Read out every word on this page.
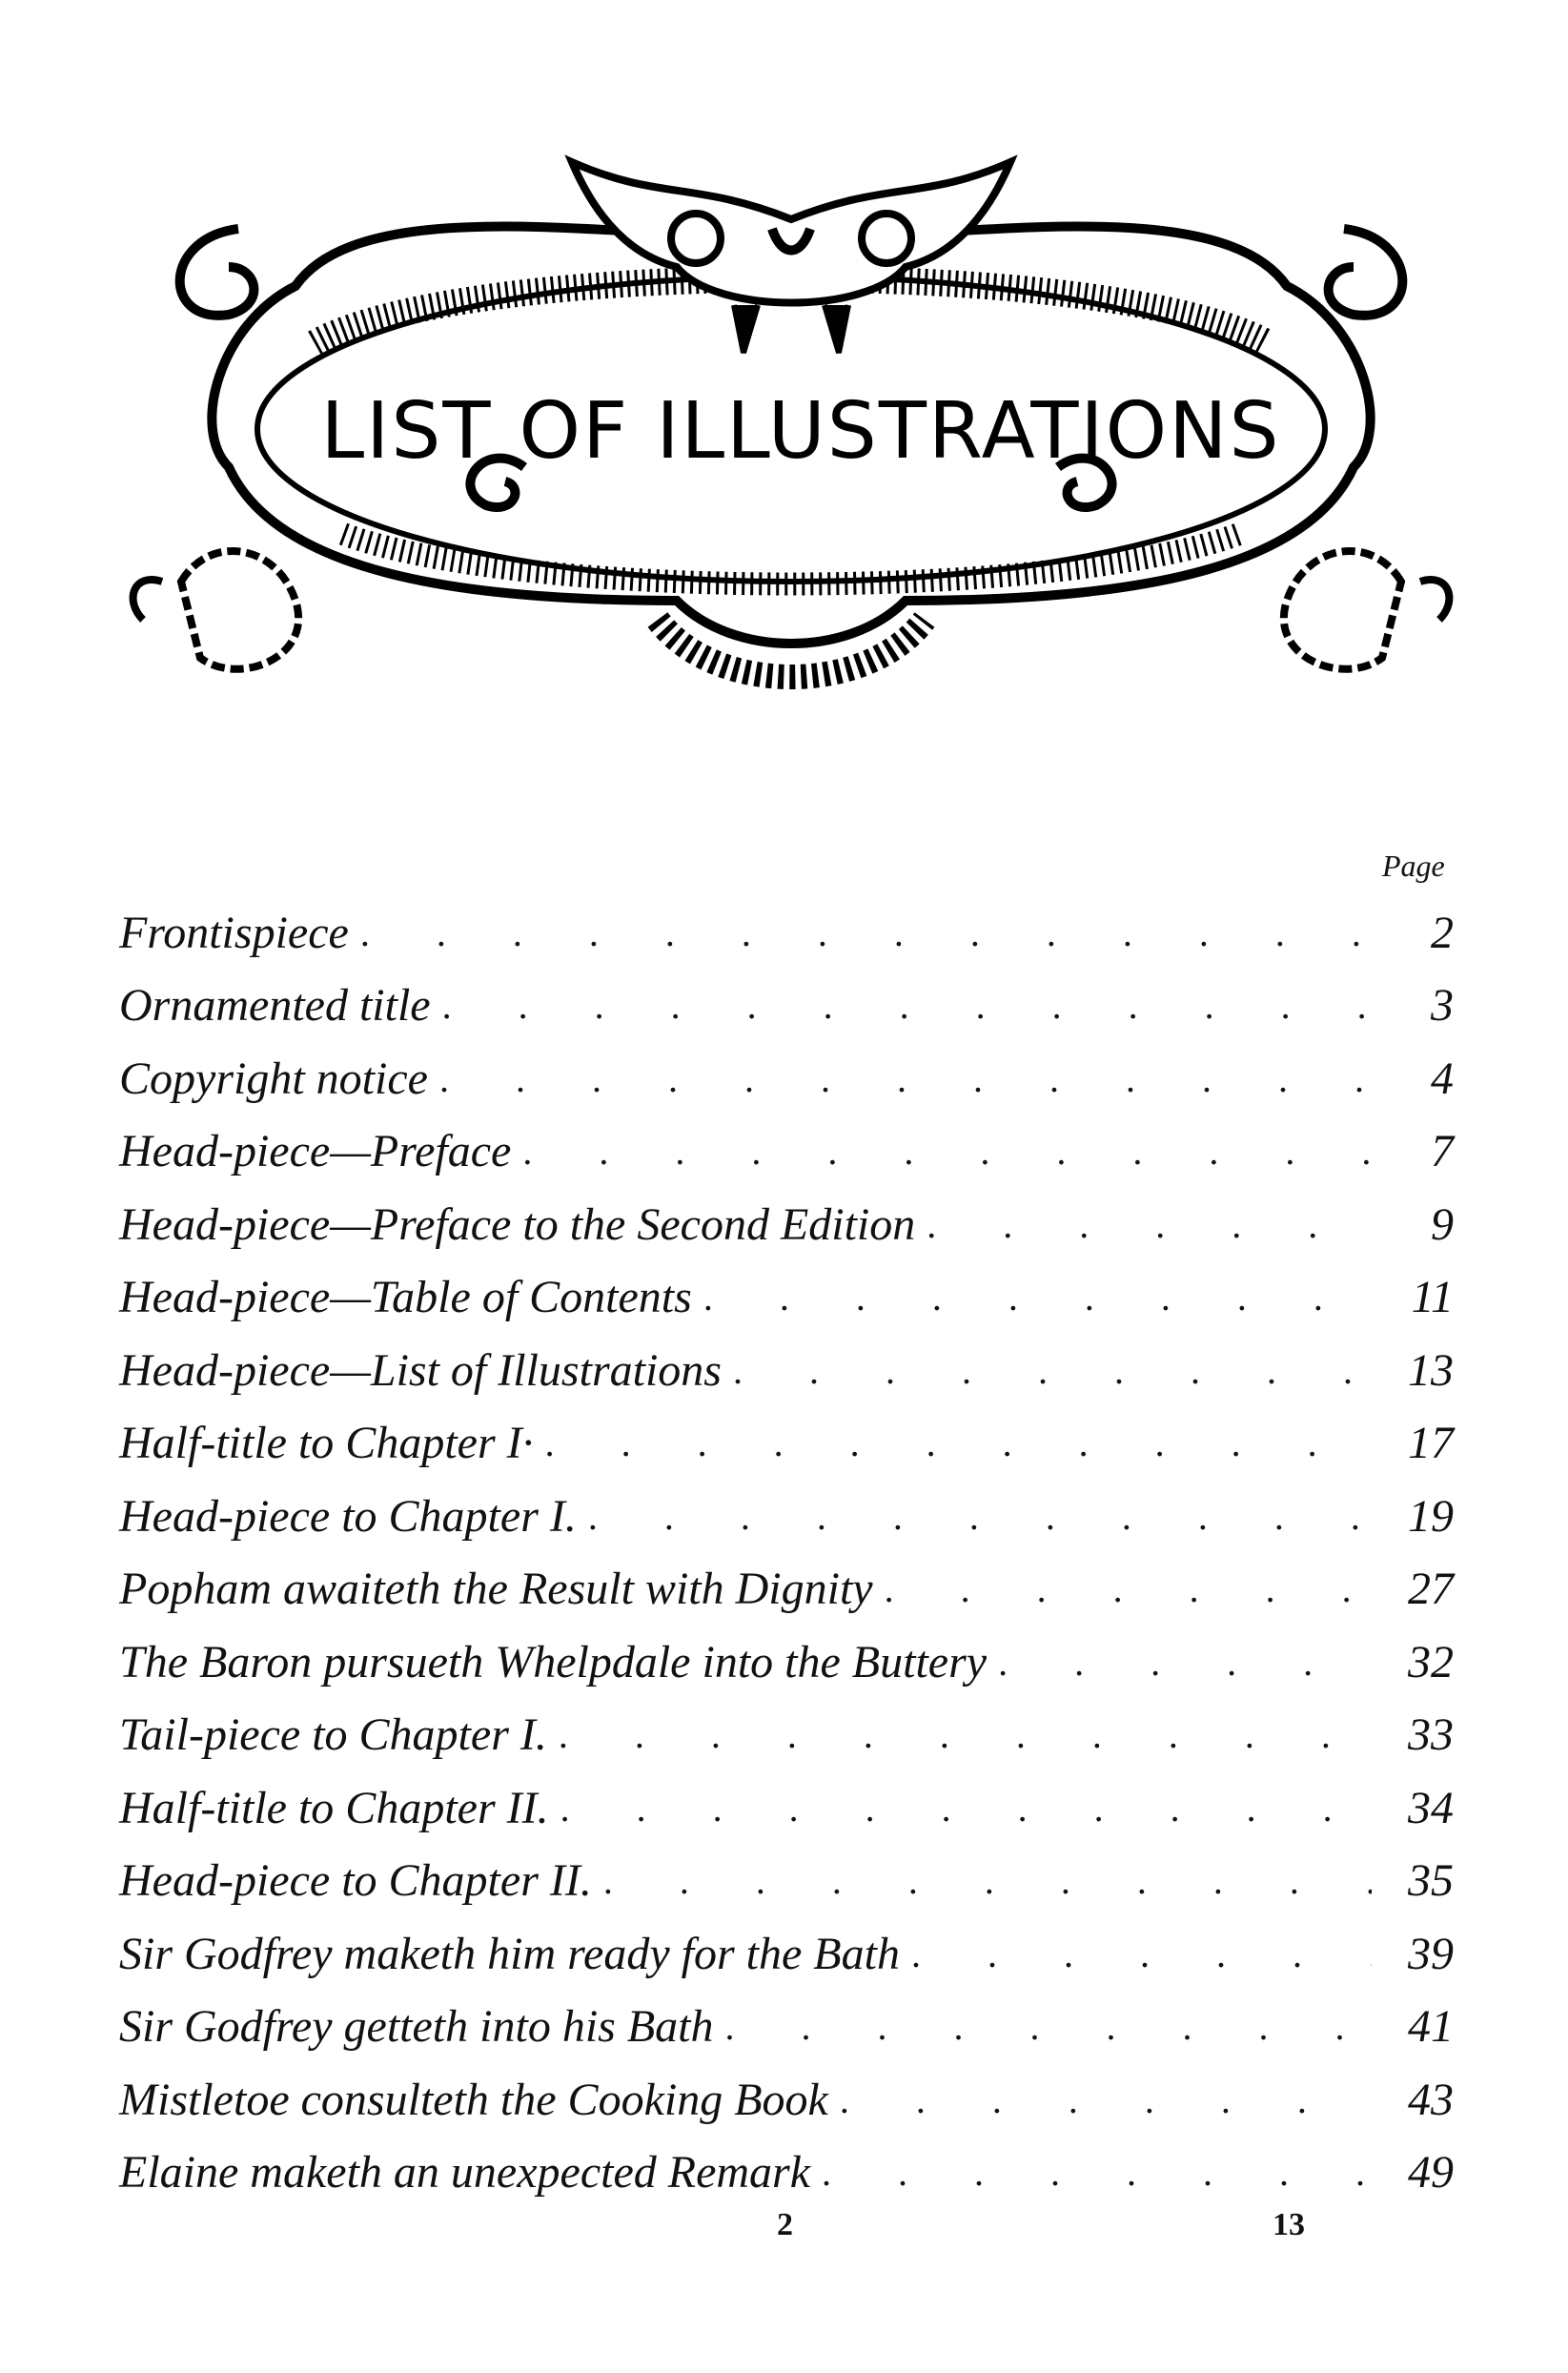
LIST OF ILLUSTRATIONS
Page
Frontispiece . . .	2
Ornamented title . . .	3
Copyright notice . . .	4
Head-piece—Preface . . .	7
Head-piece—Preface to the Second Edition . . .	9
Head-piece—Table of Contents . . .	11
Head-piece—List of Illustrations . . .	13
Half-title to Chapter I· . . .	17
Head-piece to Chapter I. . . .	19
Popham awaiteth the Result with Dignity . . .	27
The Baron pursueth Whelpdale into the Buttery . . .	32
Tail-piece to Chapter I. . . .	33
Half-title to Chapter II. . . .	34
Head-piece to Chapter II. . . .	35
Sir Godfrey maketh him ready for the Bath . . .	39
Sir Godfrey getteth into his Bath . . .	41
Mistletoe consulteth the Cooking Book . . .	43
Elaine maketh an unexpected Remark . . .	49
2	13
